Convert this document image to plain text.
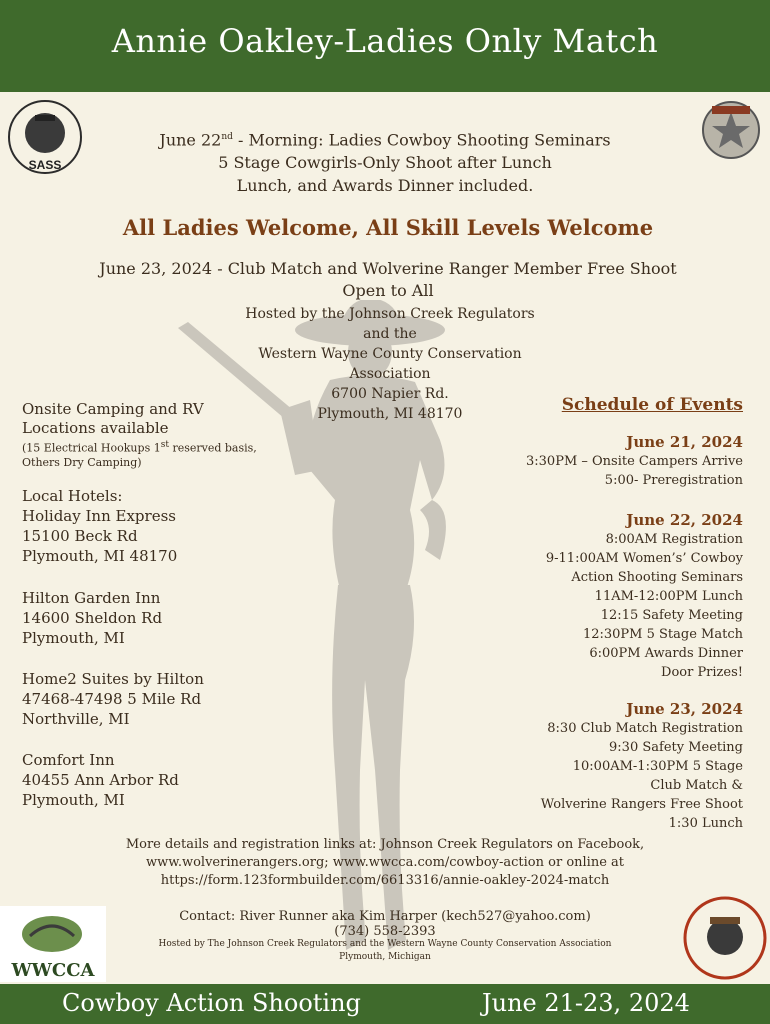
Annie Oakley-Ladies Only Match
SASS
WWCCA
June 22nd - Morning: Ladies Cowboy Shooting Seminars
5 Stage Cowgirls-Only Shoot after Lunch
Lunch, and Awards Dinner included.
All Ladies Welcome, All Skill Levels Welcome
June 23, 2024 - Club Match and Wolverine Ranger Member Free Shoot
Open to All
Hosted by the Johnson Creek Regulators
and the
Western Wayne County Conservation
Association
6700 Napier Rd.
Plymouth, MI 48170
Onsite Camping and RV
Locations available
(15 Electrical Hookups 1st reserved basis,
Others Dry Camping)
Local Hotels:
Holiday Inn Express
15100 Beck Rd
Plymouth, MI 48170
Hilton Garden Inn
14600 Sheldon Rd
Plymouth, MI
Home2 Suites by Hilton
47468-47498 5 Mile Rd
Northville, MI
Comfort Inn
40455 Ann Arbor Rd
Plymouth, MI
Schedule of Events
June 21, 2024
3:30PM – Onsite Campers Arrive
5:00- Preregistration
June 22, 2024
8:00AM Registration
9-11:00AM Women’s’ Cowboy
Action Shooting Seminars
11AM-12:00PM Lunch
12:15 Safety Meeting
12:30PM 5 Stage Match
6:00PM Awards Dinner
Door Prizes!
June 23, 2024
8:30 Club Match Registration
9:30 Safety Meeting
10:00AM-1:30PM 5 Stage
Club Match &
Wolverine Rangers Free Shoot
1:30 Lunch
More details and registration links at: Johnson Creek Regulators on Facebook,
www.wolverinerangers.org; www.wwcca.com/cowboy-action or online at
https://form.123formbuilder.com/6613316/annie-oakley-2024-match
Contact: River Runner aka Kim Harper (kech527@yahoo.com)
(734) 558-2393
Hosted by The Johnson Creek Regulators and the Western Wayne County Conservation Association
Plymouth, Michigan
Cowboy Action Shooting	June 21-23, 2024
